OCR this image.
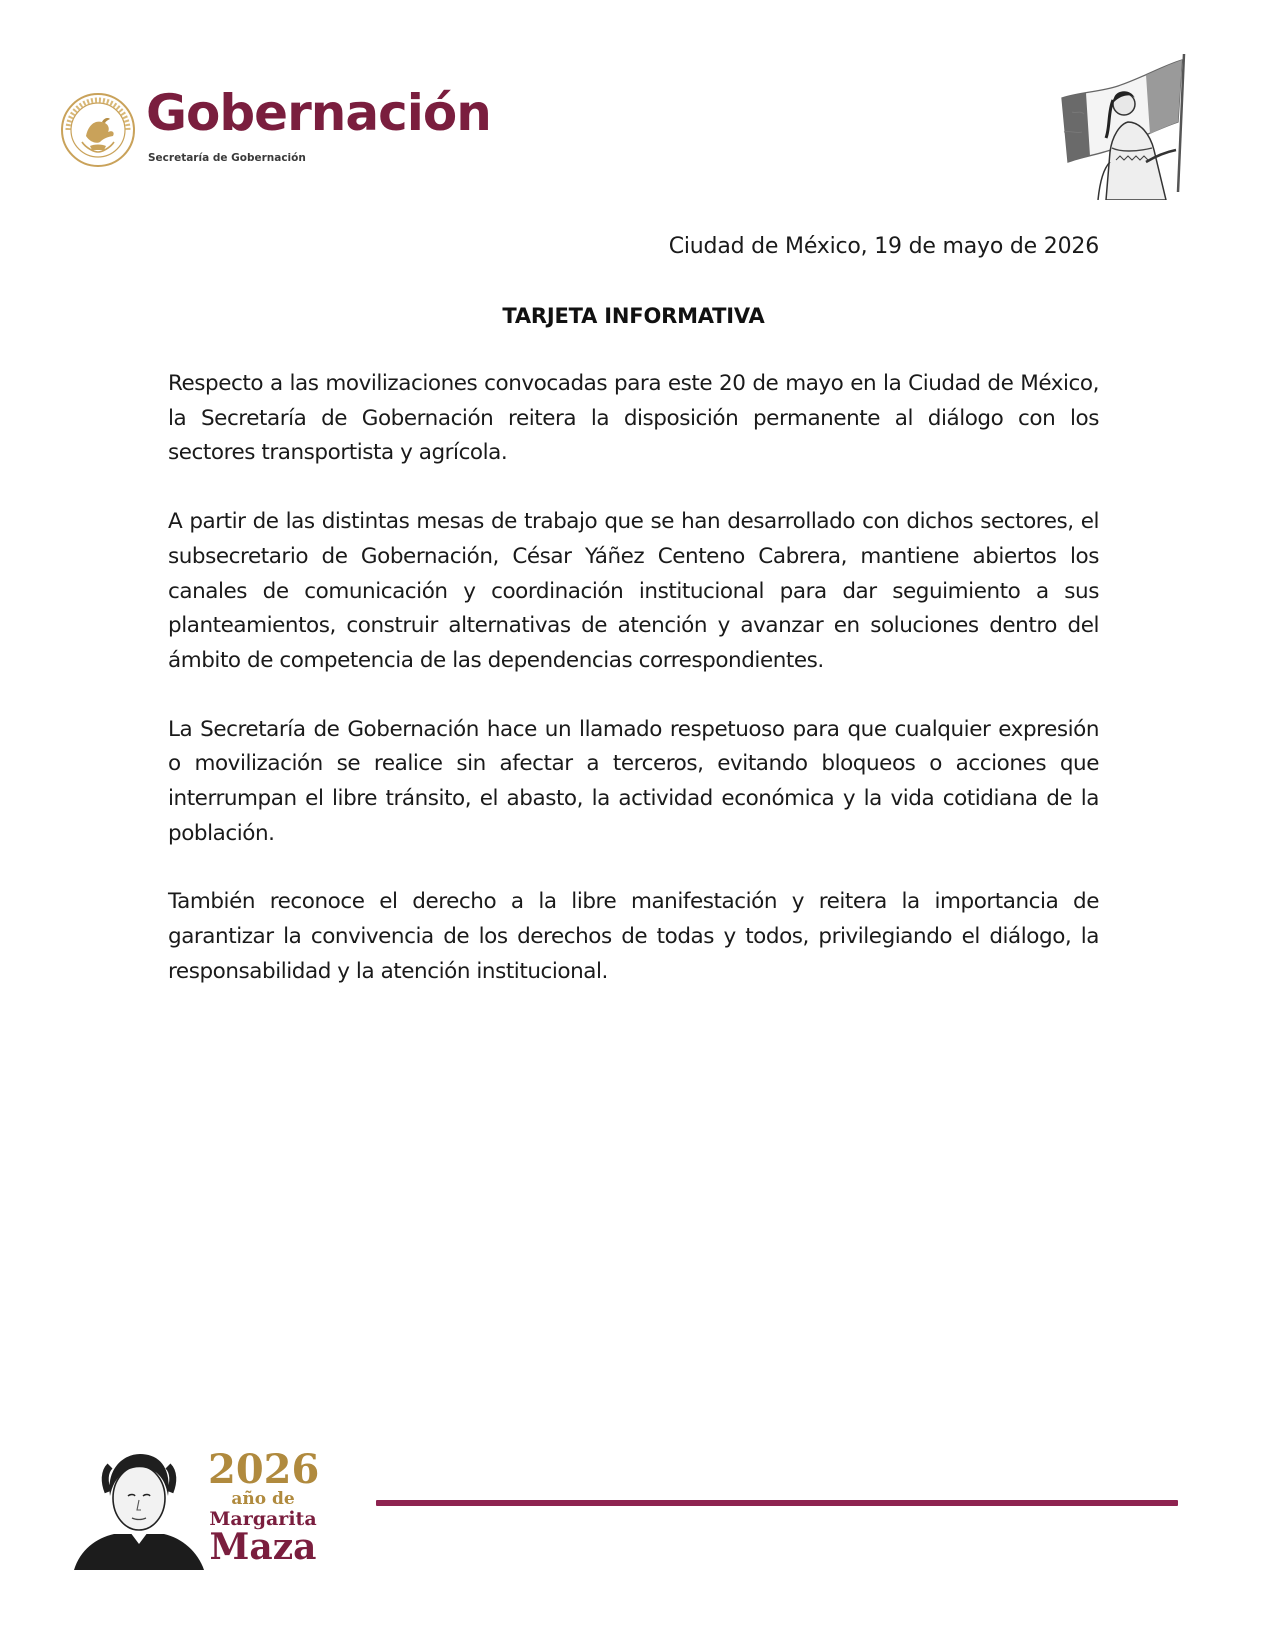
Gobernación
Secretaría de Gobernación
Ciudad de México, 19 de mayo de 2026
TARJETA INFORMATIVA

Respecto a las movilizaciones convocadas para este 20 de mayo en la Ciudad de México, la Secretaría de Gobernación reitera la disposición permanente al diálogo con los sectores transportista y agrícola.

A partir de las distintas mesas de trabajo que se han desarrollado con dichos sectores, el subsecretario de Gobernación, César Yáñez Centeno Cabrera, mantiene abiertos los canales de comunicación y coordinación institucional para dar seguimiento a sus planteamientos, construir alternativas de atención y avanzar en soluciones dentro del ámbito de competencia de las dependencias correspondientes.

La Secretaría de Gobernación hace un llamado respetuoso para que cualquier expresión o movilización se realice sin afectar a terceros, evitando bloqueos o acciones que interrumpan el libre tránsito, el abasto, la actividad económica y la vida cotidiana de la población.

También reconoce el derecho a la libre manifestación y reitera la importancia de garantizar la convivencia de los derechos de todas y todos, privilegiando el diálogo, la responsabilidad y la atención institucional.

2026
año de
Margarita
Maza
